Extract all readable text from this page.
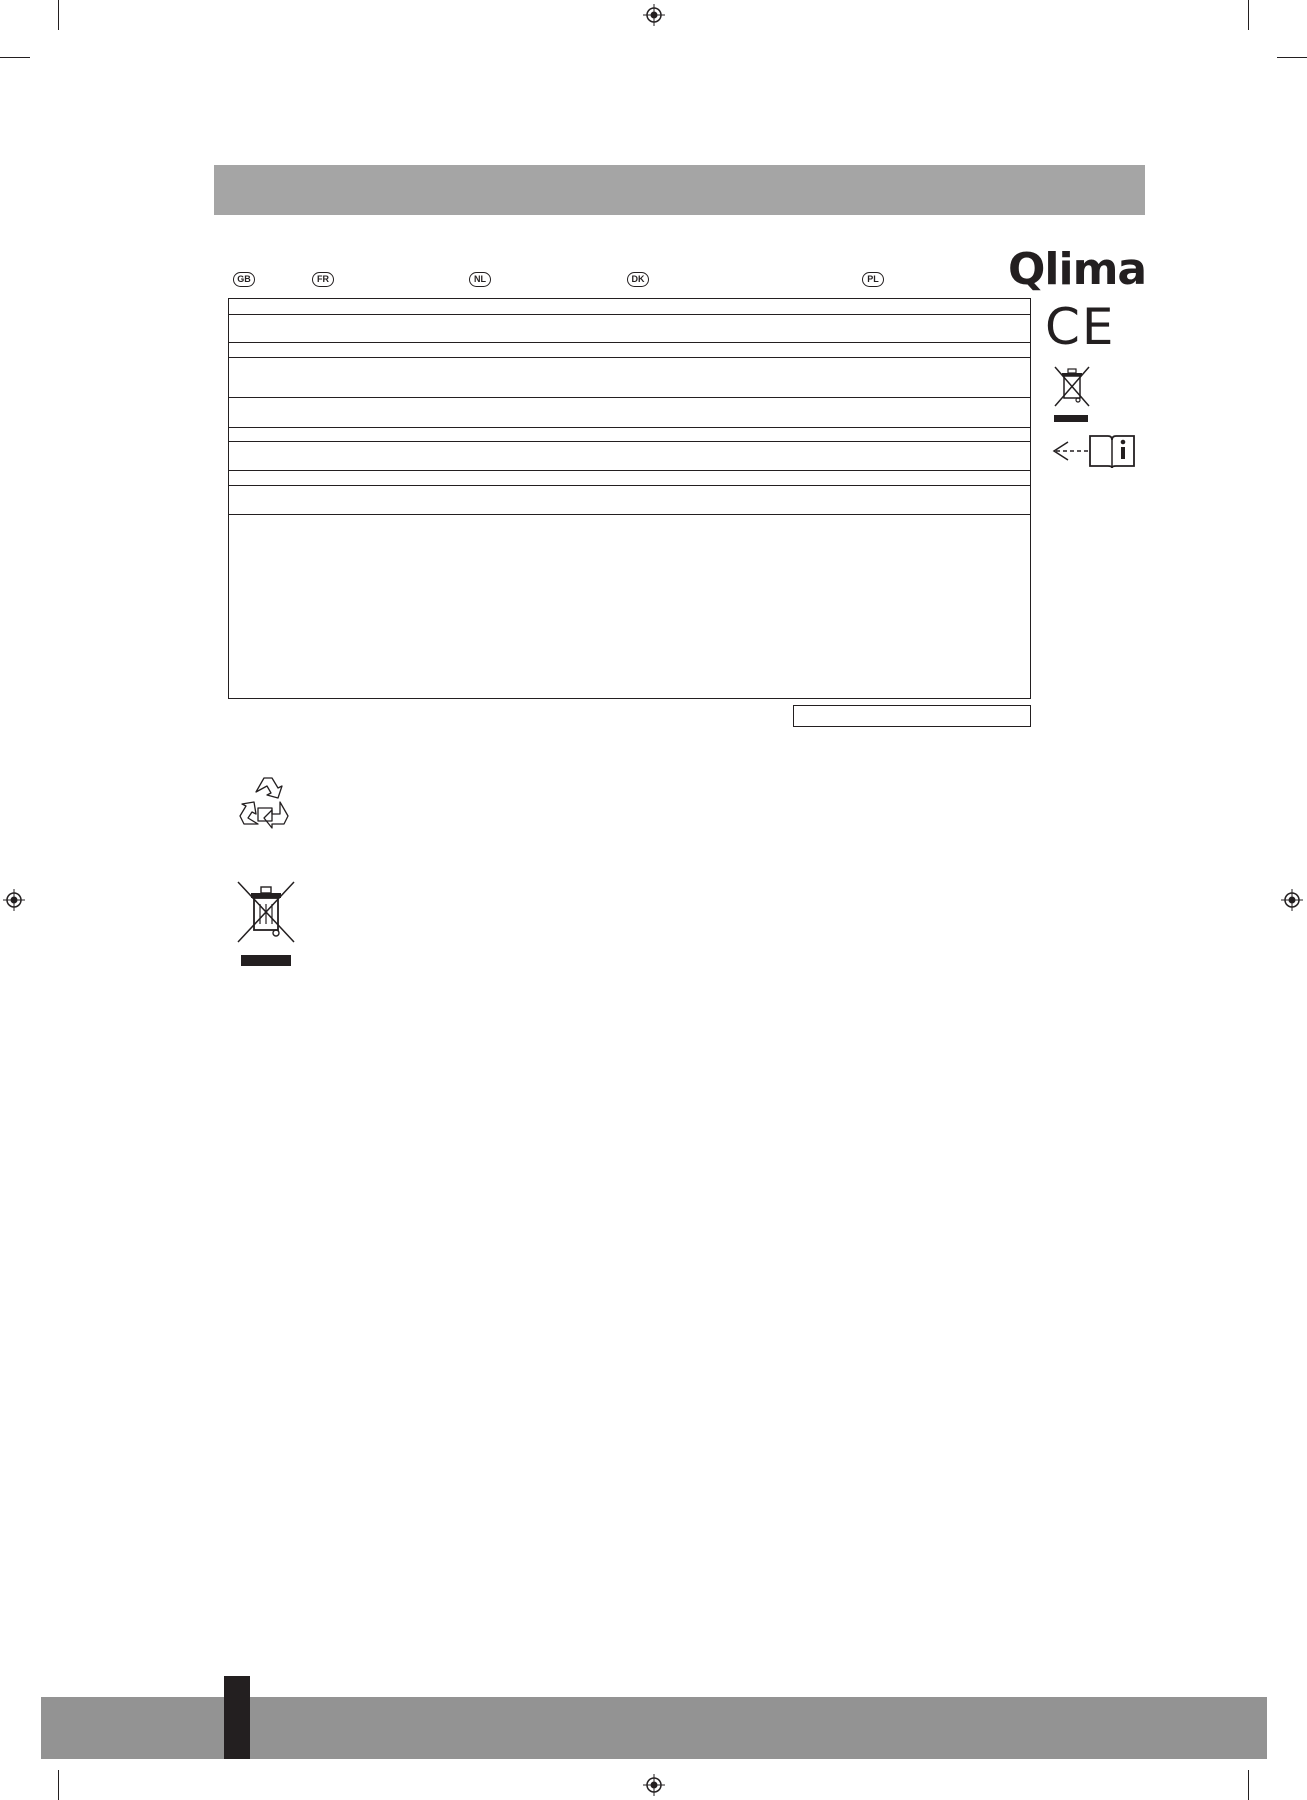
GB	FR	NL	DK	PL	Qlima
CE
